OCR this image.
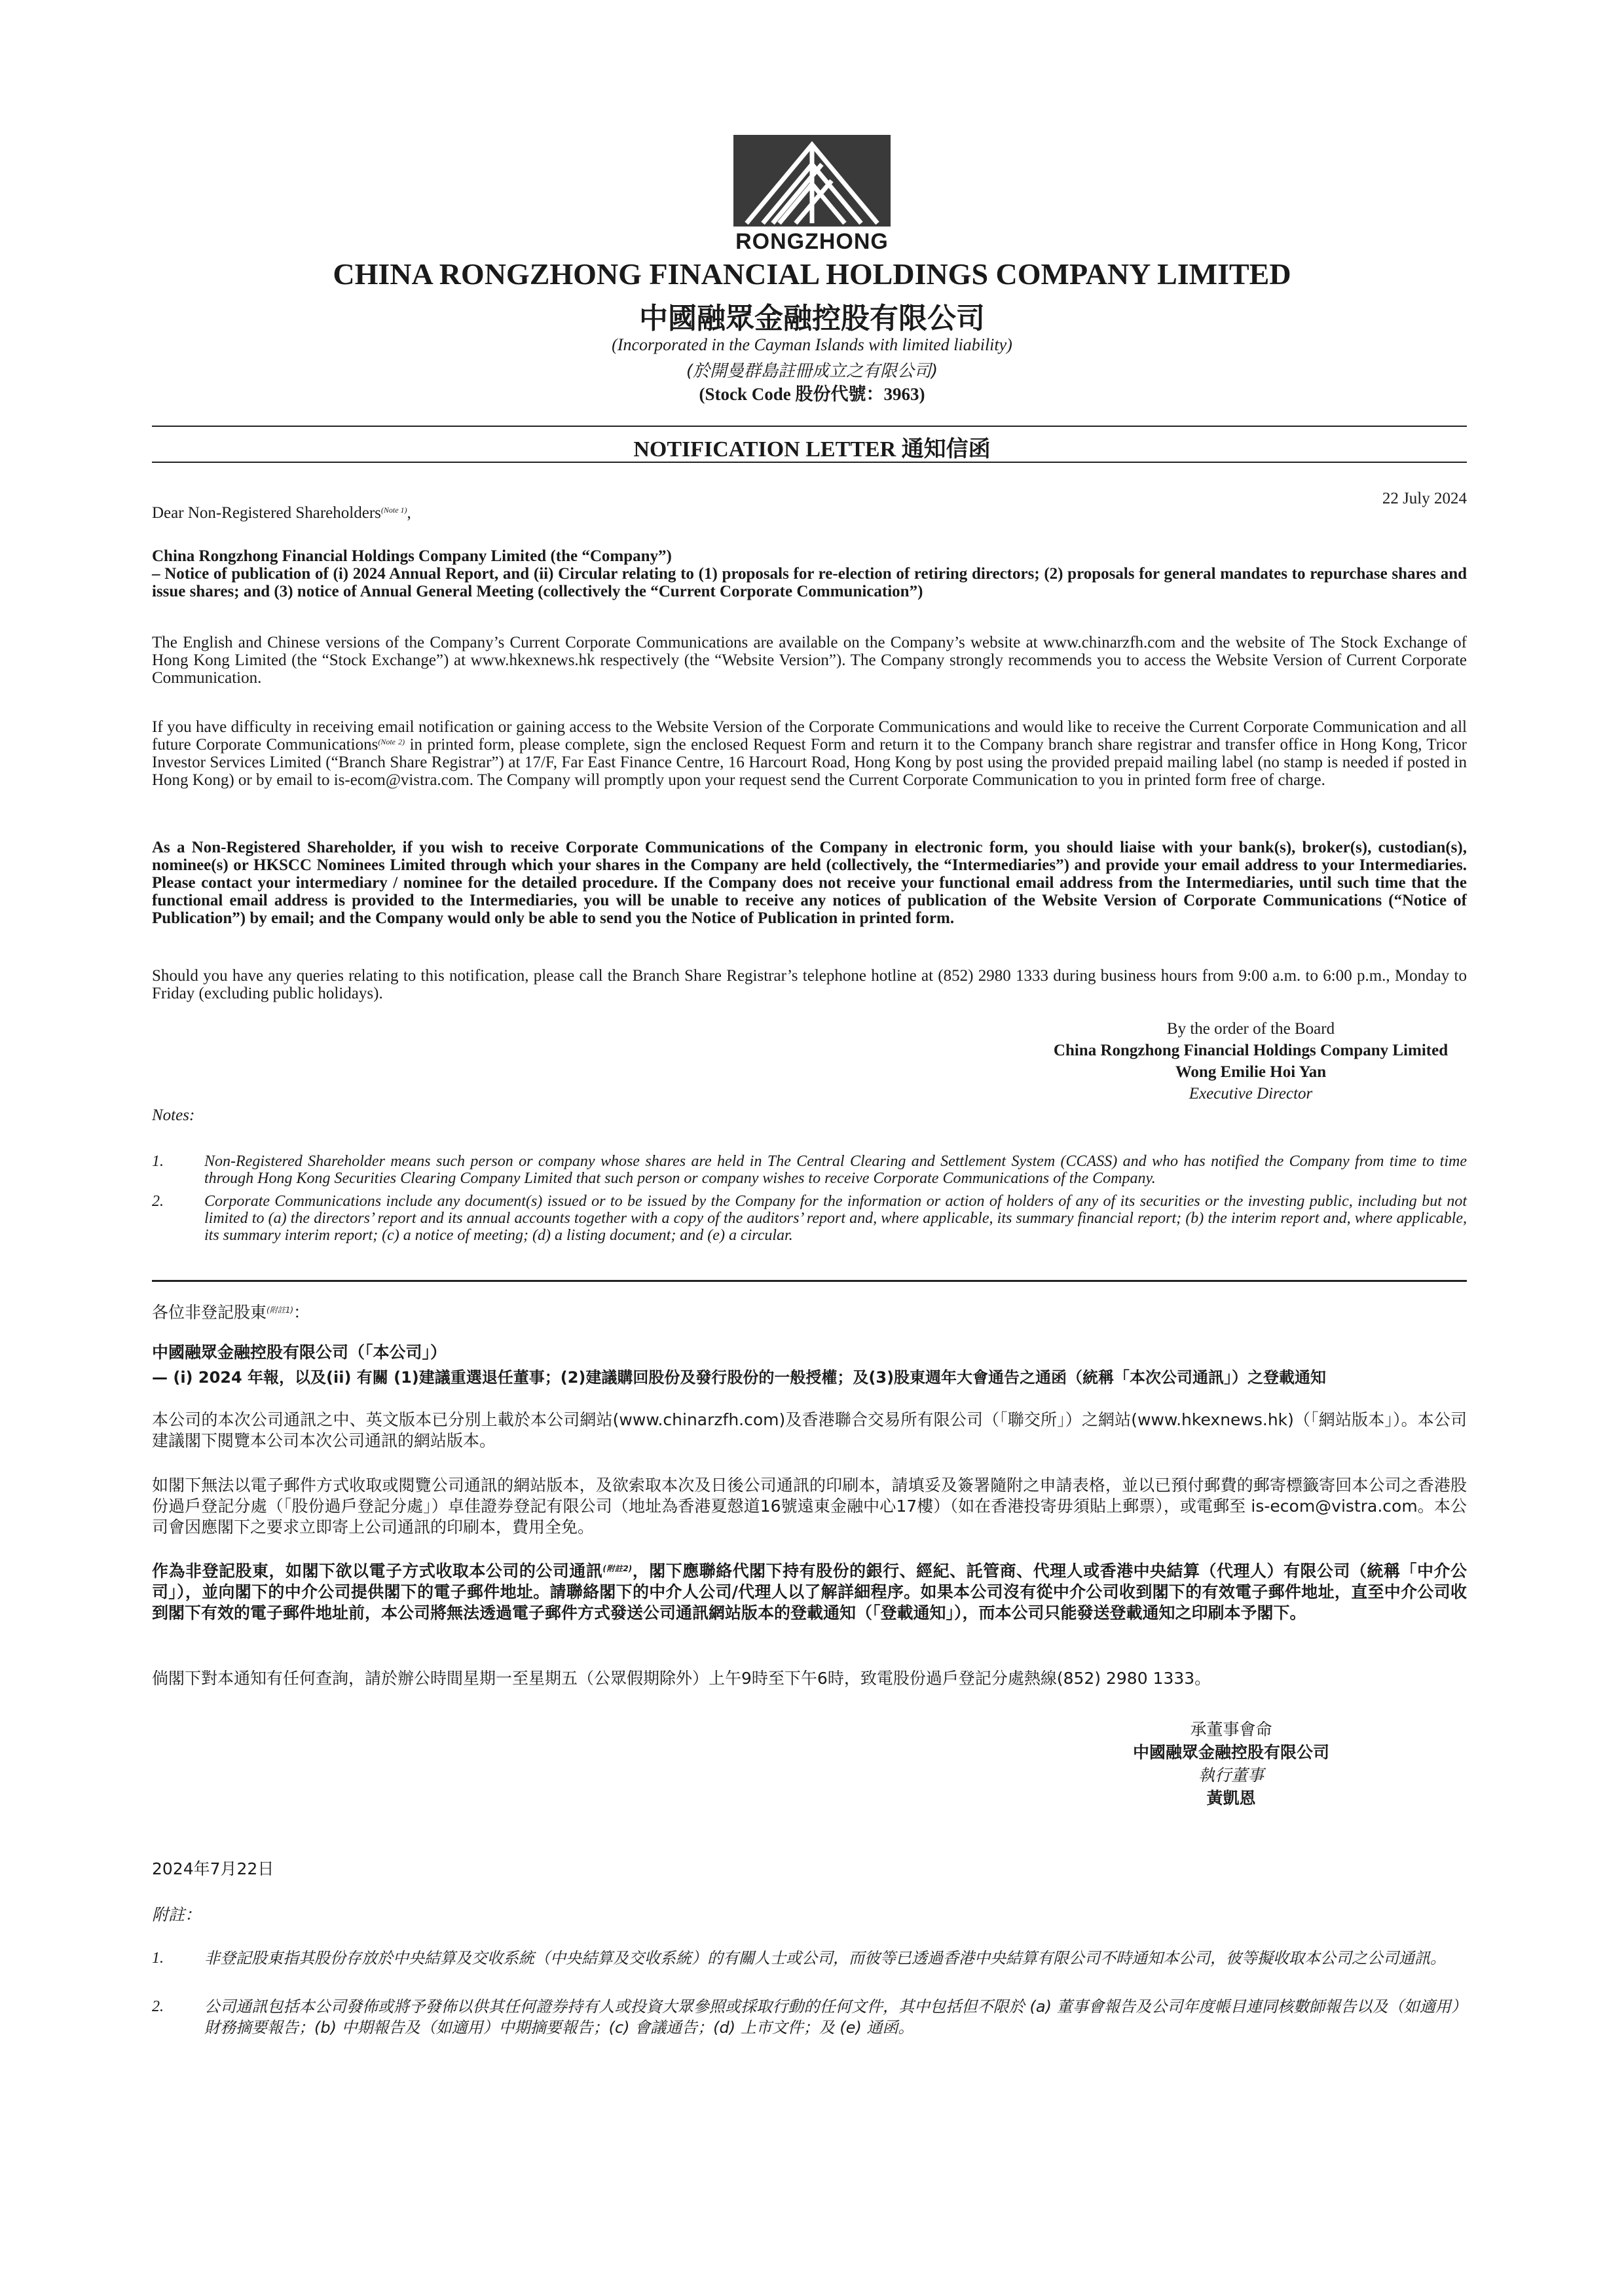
RONGZHONG
CHINA RONGZHONG FINANCIAL HOLDINGS COMPANY LIMITED
中國融眾金融控股有限公司
(Incorporated in the Cayman Islands with limited liability)
(於開曼群島註冊成立之有限公司)
(Stock Code 股份代號：3963)
NOTIFICATION LETTER 通知信函
22 July 2024
Dear Non-Registered Shareholders$^{(Note 1)}$,
China Rongzhong Financial Holdings Company Limited (the “Company”)
– Notice of publication of (i) 2024 Annual Report, and (ii) Circular relating to (1) proposals for re-election of retiring directors; (2) proposals for general mandates to repurchase shares and issue shares; and (3) notice of Annual General Meeting (collectively the “Current Corporate Communication”)
The English and Chinese versions of the Company’s Current Corporate Communications are available on the Company’s website at www.chinarzfh.com and the website of The Stock Exchange of Hong Kong Limited (the “Stock Exchange”) at www.hkexnews.hk respectively (the “Website Version”). The Company strongly recommends you to access the Website Version of Current Corporate Communication.
If you have difficulty in receiving email notification or gaining access to the Website Version of the Corporate Communications and would like to receive the Current Corporate Communication and all future Corporate Communications$^{(Note 2)}$ in printed form, please complete, sign the enclosed Request Form and return it to the Company branch share registrar and transfer office in Hong Kong, Tricor Investor Services Limited (“Branch Share Registrar”) at 17/F, Far East Finance Centre, 16 Harcourt Road, Hong Kong by post using the provided prepaid mailing label (no stamp is needed if posted in Hong Kong) or by email to is-ecom@vistra.com. The Company will promptly upon your request send the Current Corporate Communication to you in printed form free of charge.
As a Non-Registered Shareholder, if you wish to receive Corporate Communications of the Company in electronic form, you should liaise with your bank(s), broker(s), custodian(s), nominee(s) or HKSCC Nominees Limited through which your shares in the Company are held (collectively, the “Intermediaries”) and provide your email address to your Intermediaries. Please contact your intermediary / nominee for the detailed procedure. If the Company does not receive your functional email address from the Intermediaries, until such time that the functional email address is provided to the Intermediaries, you will be unable to receive any notices of publication of the Website Version of Corporate Communications (“Notice of Publication”) by email; and the Company would only be able to send you the Notice of Publication in printed form.
Should you have any queries relating to this notification, please call the Branch Share Registrar’s telephone hotline at (852) 2980 1333 during business hours from 9:00 a.m. to 6:00 p.m., Monday to Friday (excluding public holidays).
By the order of the Board
China Rongzhong Financial Holdings Company Limited
Wong Emilie Hoi Yan
Executive Director
Notes:
1.	Non-Registered Shareholder means such person or company whose shares are held in The Central Clearing and Settlement System (CCASS) and who has notified the Company from time to time through Hong Kong Securities Clearing Company Limited that such person or company wishes to receive Corporate Communications of the Company.
2.	Corporate Communications include any document(s) issued or to be issued by the Company for the information or action of holders of any of its securities or the investing public, including but not limited to (a) the directors’ report and its annual accounts together with a copy of the auditors’ report and, where applicable, its summary financial report; (b) the interim report and, where applicable, its summary interim report; (c) a notice of meeting; (d) a listing document; and (e) a circular.
各位非登記股東$^{(附註1)}$：
中國融眾金融控股有限公司（「本公司」）
— (i) 2024 年報，以及(ii) 有關 (1)建議重選退任董事；(2)建議購回股份及發行股份的一般授權；及(3)股東週年大會通告之通函（統稱「本次公司通訊」）之登載通知
本公司的本次公司通訊之中、英文版本已分別上載於本公司網站(www.chinarzfh.com)及香港聯合交易所有限公司（「聯交所」）之網站(www.hkexnews.hk)（「網站版本」）。本公司建議閣下閱覽本公司本次公司通訊的網站版本。
如閣下無法以電子郵件方式收取或閱覽公司通訊的網站版本，及欲索取本次及日後公司通訊的印刷本，請填妥及簽署隨附之申請表格，並以已預付郵費的郵寄標籤寄回本公司之香港股份過戶登記分處（「股份過戶登記分處」）卓佳證券登記有限公司（地址為香港夏慤道16號遠東金融中心17樓）（如在香港投寄毋須貼上郵票），或電郵至 is-ecom@vistra.com。本公司會因應閣下之要求立即寄上公司通訊的印刷本，費用全免。
作為非登記股東，如閣下欲以電子方式收取本公司的公司通訊$^{(附註2)}$，閣下應聯絡代閣下持有股份的銀行、經紀、託管商、代理人或香港中央結算（代理人）有限公司（統稱「中介公司」），並向閣下的中介公司提供閣下的電子郵件地址。請聯絡閣下的中介人公司/代理人以了解詳細程序。如果本公司沒有從中介公司收到閣下的有效電子郵件地址，直至中介公司收到閣下有效的電子郵件地址前，本公司將無法透過電子郵件方式發送公司通訊網站版本的登載通知（「登載通知」），而本公司只能發送登載通知之印刷本予閣下。
倘閣下對本通知有任何查詢，請於辦公時間星期一至星期五（公眾假期除外）上午9時至下午6時，致電股份過戶登記分處熱線(852) 2980 1333。
承董事會命
中國融眾金融控股有限公司
執行董事
黃凱恩
2024年7月22日
附註：
1.	非登記股東指其股份存放於中央結算及交收系統（中央結算及交收系統）的有關人士或公司，而彼等已透過香港中央結算有限公司不時通知本公司，彼等擬收取本公司之公司通訊。
2.	公司通訊包括本公司發佈或將予發佈以供其任何證券持有人或投資大眾參照或採取行動的任何文件，其中包括但不限於 (a) 董事會報告及公司年度帳目連同核數師報告以及（如適用）財務摘要報告；(b) 中期報告及（如適用）中期摘要報告；(c) 會議通告；(d) 上市文件；及 (e) 通函。
